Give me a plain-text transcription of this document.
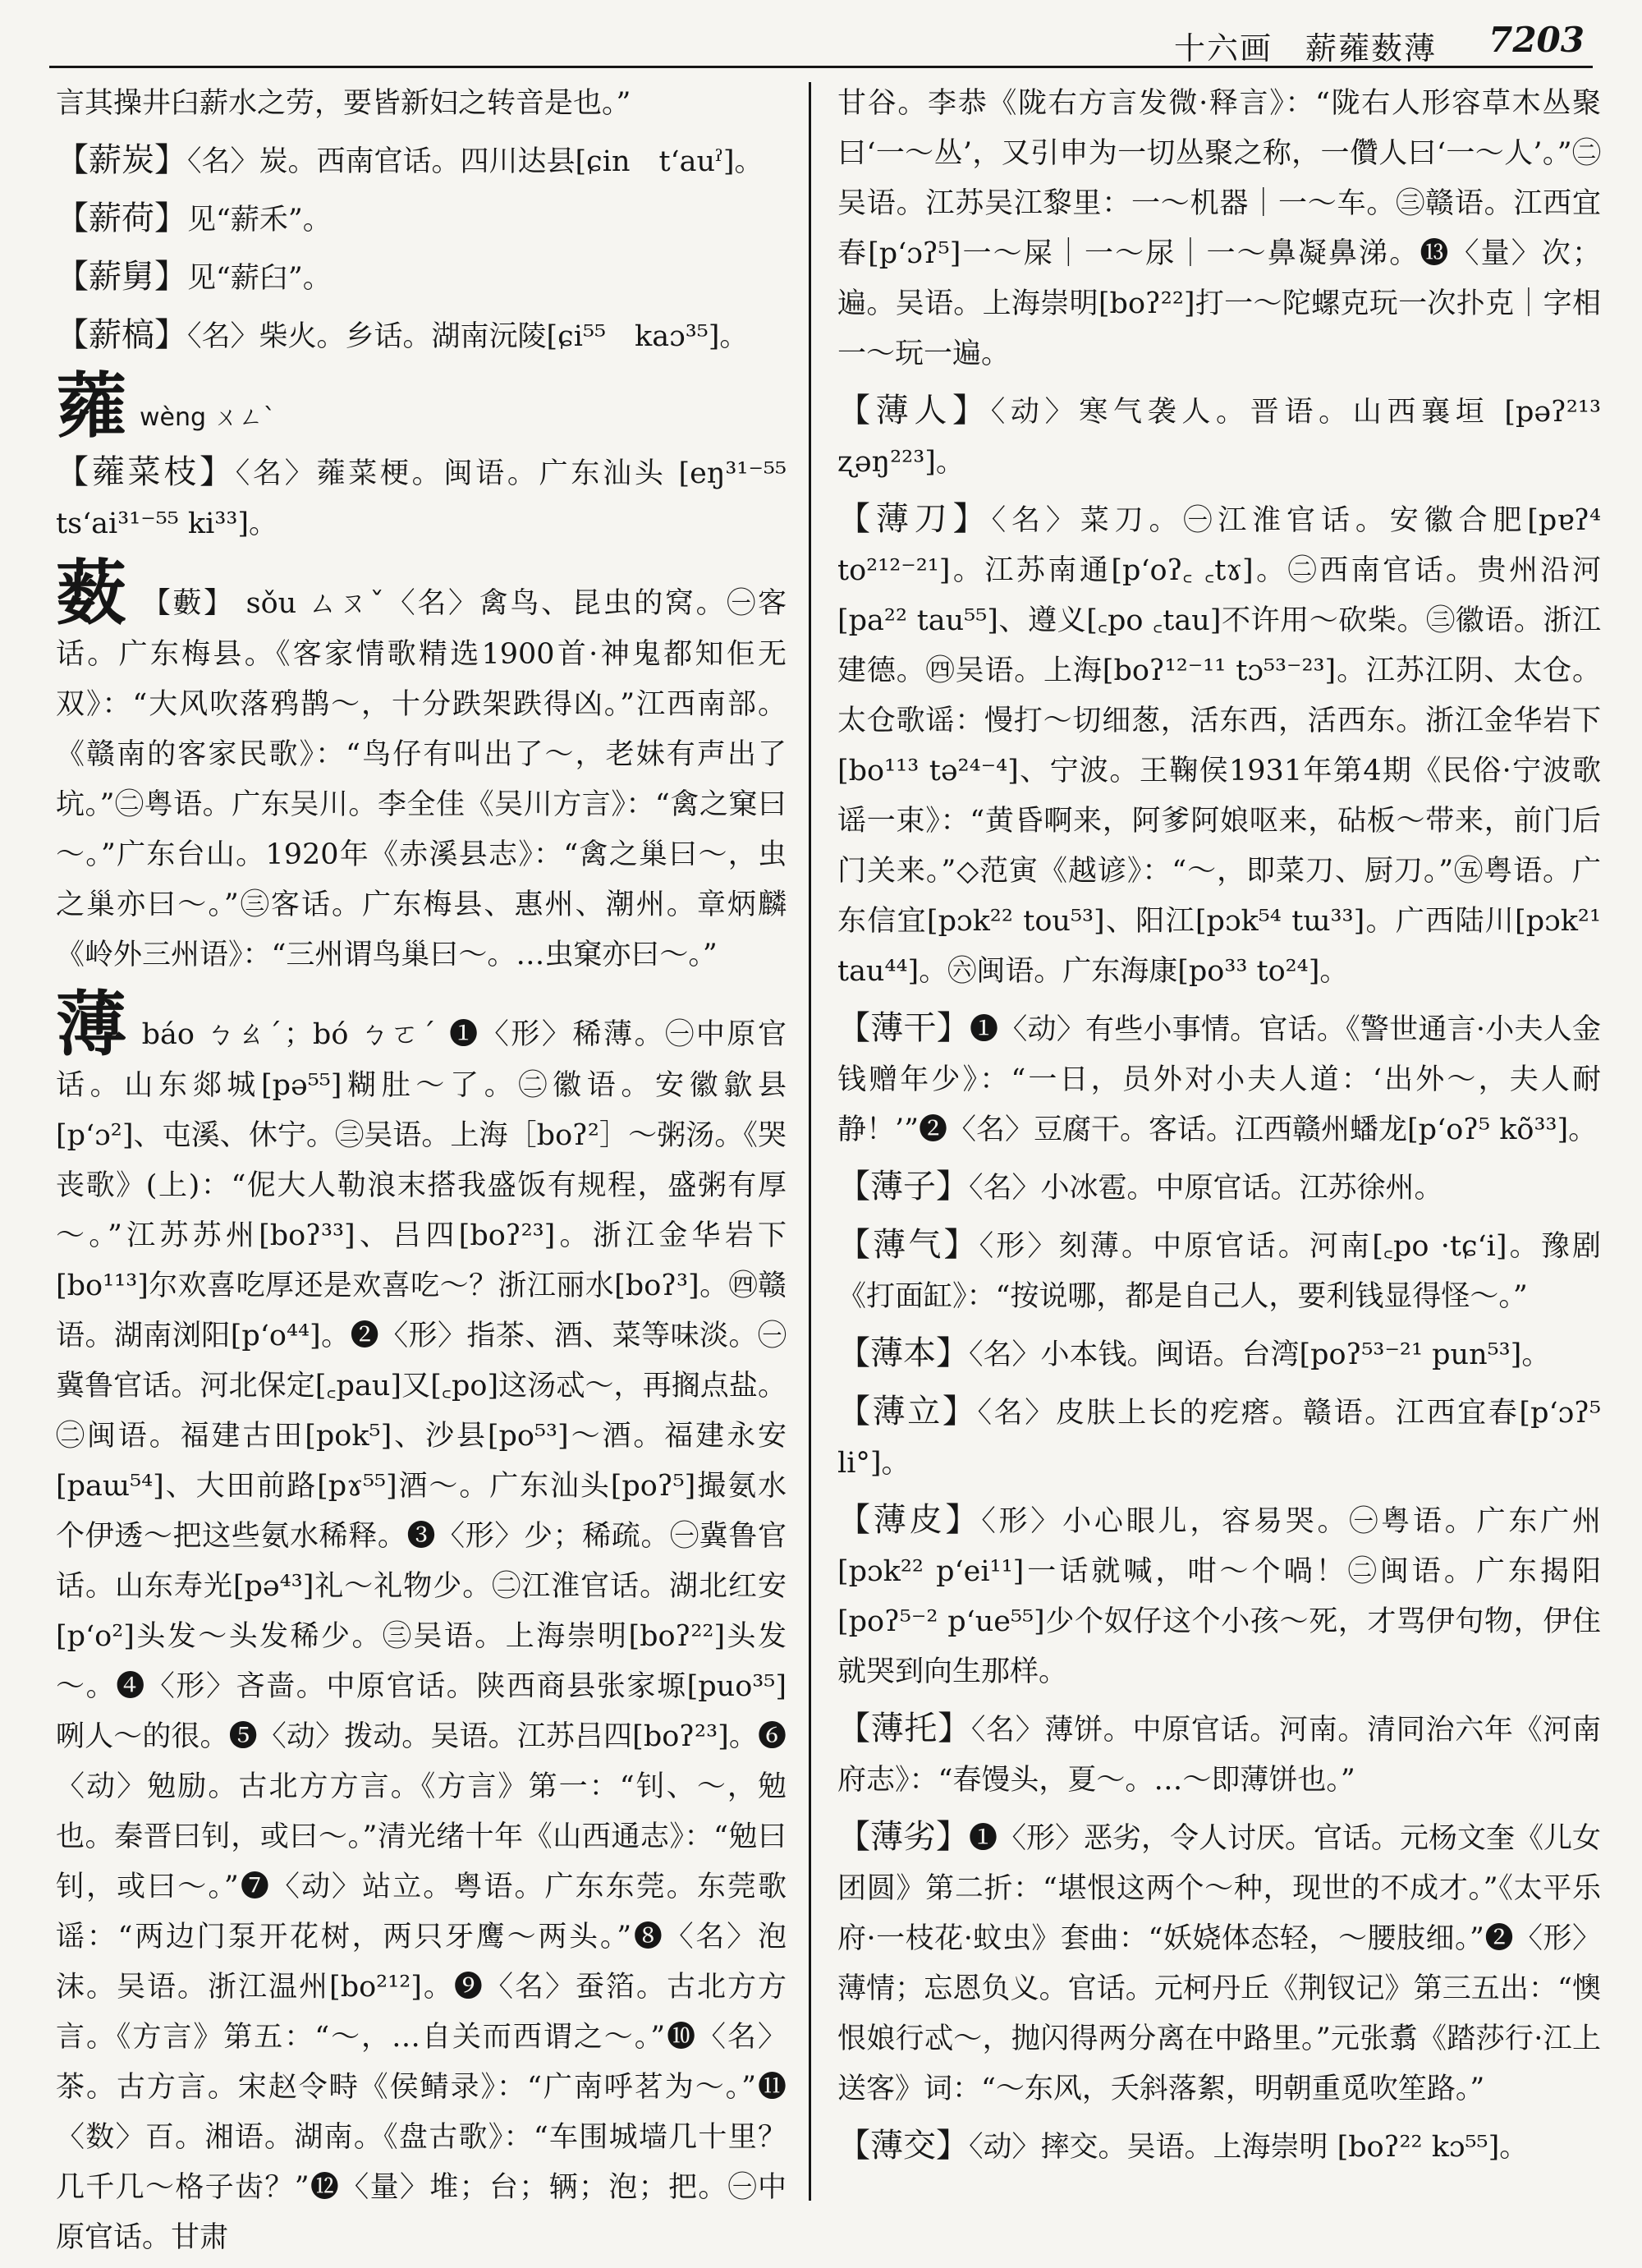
十六画　薪蕹薮薄 7203
言其操井臼薪水之劳，要皆新妇之转音是也。”
【薪炭】〈名〉炭。西南官话。四川达县[ɕin　tʻauˀ]。
【薪荷】见“薪禾”。
【薪舅】见“薪臼”。
【薪槁】〈名〉柴火。乡话。湖南沅陵[ɕi⁵⁵　kaɔ³⁵]。
蕹wèng ㄨㄥˋ
【蕹菜枝】〈名〉蕹菜梗。闽语。广东汕头 [eŋ³¹⁻⁵⁵ tsʻai³¹⁻⁵⁵ ki³³]。
薮 【藪】 sǒu ㄙㄡˇ〈名〉禽鸟、昆虫的窝。㊀客话。广东梅县。《客家情歌精选1900首·神鬼都知佢无双》：“大风吹落鸦鹊～，十分跌架跌得凶。”江西南部。《赣南的客家民歌》：“鸟仔有叫出了～，老妹有声出了坑。”㊁粤语。广东吴川。李全佳《吴川方言》：“禽之窠曰～。”广东台山。1920年《赤溪县志》：“禽之巢曰～，虫之巢亦曰～。”㊂客话。广东梅县、惠州、潮州。章炳麟《岭外三州语》：“三州谓鸟巢曰～。…虫窠亦曰～。”
薄báo ㄅㄠˊ；bó ㄅㄛˊ ❶〈形〉稀薄。㊀中原官话。山东郯城[pə⁵⁵]糊肚～了。㊁徽语。安徽歙县[pʻɔ²]、屯溪、休宁。㊂吴语。上海［boʔ²］～粥汤。《哭丧歌》(上)：“伲大人勒浪末搭我盛饭有规程，盛粥有厚～。”江苏苏州[boʔ³³]、吕四[boʔ²³]。浙江金华岩下[bo¹¹³]尔欢喜吃厚还是欢喜吃～？浙江丽水[boʔ³]。㊃赣语。湖南浏阳[pʻo⁴⁴]。❷〈形〉指茶、酒、菜等味淡。㊀冀鲁官话。河北保定[꜀pau]又[꜀po]这汤忒～，再搁点盐。㊁闽语。福建古田[pok⁵]、沙县[po⁵³]～酒。福建永安[paɯ⁵⁴]、大田前路[pɤ⁵⁵]酒～。广东汕头[poʔ⁵]撮氨水个伊透～把这些氨水稀释。❸〈形〉少；稀疏。㊀冀鲁官话。山东寿光[pə⁴³]礼～礼物少。㊁江淮官话。湖北红安[pʻo²]头发～头发稀少。㊂吴语。上海崇明[boʔ²²]头发～。❹〈形〉吝啬。中原官话。陕西商县张家塬[puo³⁵]咧人～的很。❺〈动〉拨动。吴语。江苏吕四[boʔ²³]。❻〈动〉勉励。古北方方言。《方言》第一：“钊、～，勉也。秦晋曰钊，或曰～。”清光绪十年《山西通志》：“勉曰钊，或曰～。”❼〈动〉站立。粤语。广东东莞。东莞歌谣：“两边门泵开花树，两只牙鹰～两头。”❽〈名〉泡沫。吴语。浙江温州[bo²¹²]。❾〈名〉蚕箔。古北方方言。《方言》第五：“～，…自关而西谓之～。”❿〈名〉茶。古方言。宋赵令畤《侯鲭录》：“广南呼茗为～。”⓫〈数〉百。湘语。湖南。《盘古歌》：“车围城墙几十里？几千几～格子齿？”⓬〈量〉堆；台；辆；泡；把。㊀中原官话。甘肃
甘谷。李恭《陇右方言发微·释言》：“陇右人形容草木丛聚曰‘一～丛’，又引申为一切丛聚之称，一儹人曰‘一～人’。”㊁吴语。江苏吴江黎里：一～机器｜一～车。㊂赣语。江西宜春[pʻɔʔ⁵]一～屎｜一～尿｜一～鼻凝鼻涕。⓭〈量〉次；遍。吴语。上海崇明[boʔ²²]打一～陀螺克玩一次扑克｜字相一～玩一遍。
【薄人】〈动〉寒气袭人。晋语。山西襄垣 [pəʔ²¹³ ʐəŋ²²³]。
【薄刀】〈名〉菜刀。㊀江淮官话。安徽合肥[pɐʔ⁴ to²¹²⁻²¹]。江苏南通[pʻoʔ꜀ ꜀tɤ]。㊁西南官话。贵州沿河[pa²² tau⁵⁵]、遵义[꜀po ꜀tau]不许用～砍柴。㊂徽语。浙江建德。㊃吴语。上海[boʔ¹²⁻¹¹ tɔ⁵³⁻²³]。江苏江阴、太仓。太仓歌谣：慢打～切细葱，活东西，活西东。浙江金华岩下[bo¹¹³ tə²⁴⁻⁴]、宁波。王鞠侯1931年第4期《民俗·宁波歌谣一束》：“黄昏啊来，阿爹阿娘呕来，砧板～带来，前门后门关来。”◇范寅《越谚》：“～，即菜刀、厨刀。”㊄粤语。广东信宜[pɔk²² tou⁵³]、阳江[pɔk⁵⁴ tɯ³³]。广西陆川[pɔk²¹ tau⁴⁴]。㊅闽语。广东海康[po³³ to²⁴]。
【薄干】❶〈动〉有些小事情。官话。《警世通言·小夫人金钱赠年少》：“一日，员外对小夫人道：‘出外～，夫人耐静！’”❷〈名〉豆腐干。客话。江西赣州蟠龙[pʻoʔ⁵ kõ³³]。
【薄子】〈名〉小冰雹。中原官话。江苏徐州。
【薄气】〈形〉刻薄。中原官话。河南[꜀po ·tɕʻi]。豫剧《打面缸》：“按说哪，都是自己人，要利钱显得怪～。”
【薄本】〈名〉小本钱。闽语。台湾[poʔ⁵³⁻²¹ pun⁵³]。
【薄立】〈名〉皮肤上长的疙瘩。赣语。江西宜春[pʻɔʔ⁵ li°]。
【薄皮】〈形〉小心眼儿，容易哭。㊀粤语。广东广州[pɔk²² pʻei¹¹]一话就喊，咁～个喎！㊁闽语。广东揭阳[poʔ⁵⁻² pʻue⁵⁵]少个奴仔这个小孩～死，才骂伊句物，伊住就哭到向生那样。
【薄托】〈名〉薄饼。中原官话。河南。清同治六年《河南府志》：“春馒头，夏～。…～即薄饼也。”
【薄劣】❶〈形〉恶劣，令人讨厌。官话。元杨文奎《儿女团圆》第二折：“堪恨这两个～种，现世的不成才。”《太平乐府·一枝花·蚊虫》套曲：“妖娆体态轻，～腰肢细。”❷〈形〉薄情；忘恩负义。官话。元柯丹丘《荆钗记》第三五出：“懊恨娘行忒～，抛闪得两分离在中路里。”元张翥《踏莎行·江上送客》词：“～东风，夭斜落絮，明朝重觅吹笙路。”
【薄交】〈动〉摔交。吴语。上海崇明 [boʔ²² kɔ⁵⁵]。
